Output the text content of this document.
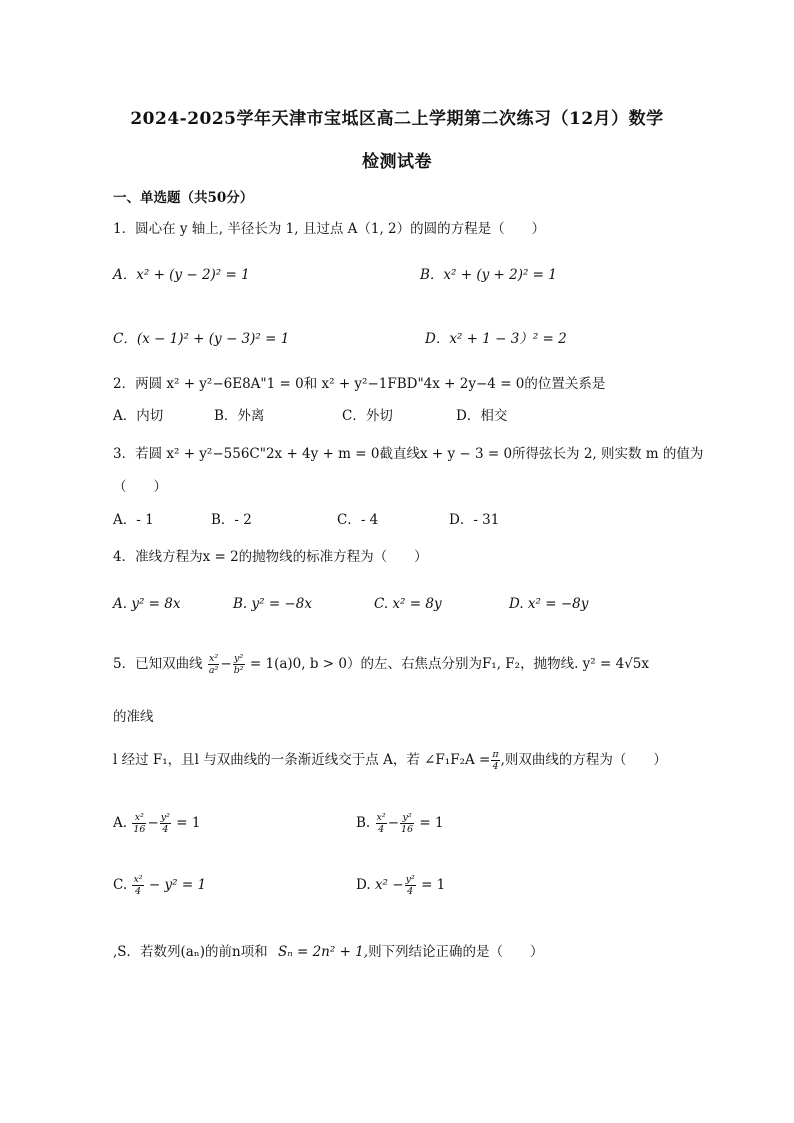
2024-2025学年天津市宝坻区高二上学期第二次练习（12月）数学
检测试卷
一、单选题（共50分）
1．圆心在 y 轴上, 半径长为 1, 且过点 A（1, 2）的圆的方程是（　　）
A．x² + (y − 2)² = 1	B．x² + (y + 2)² = 1
C．(x − 1)² + (y − 3)² = 1	D．x² + 1 − 3）² = 2
2．两圆 x² + y²−6E8A"1 = 0和 x² + y²−1FBD"4x + 2y−4 = 0的位置关系是
A．内切	B．外离	C．外切	D．相交
3．若圆 x² + y²−556C"2x + 4y + m = 0截直线x + y − 3 = 0所得弦长为 2, 则实数 m 的值为
（　　）
A．- 1	B．- 2	C．- 4	D．- 31
4．准线方程为x = 2的抛物线的标准方程为（　　）
A. y² = 8x	B. y² = −8x	C. x² = 8y	D. x² = −8y
5．已知双曲线 $\frac{\text{x²}}{\text{a²}} - \frac{\text{y²}}{\text{b²}} = 1(a)0$, b > 0）的左、右焦点分别为F₁, F₂，抛物线. y² = 4√5x
的准线
l 经过 F₁，且l 与双曲线的一条渐近线交于点 A，若 ∠F₁F₂A = $\frac{\pi}{4}$ ,则双曲线的方程为（　　）
A. $\frac{\text{x²}}{16} - \frac{\text{y²}}{4} = 1$	B. $\frac{\text{x²}}{4} - \frac{\text{y²}}{16} = 1$
C. $\frac{\text{x²}}{4} - y^2 = 1$	D. $x^2 - \frac{\text{y²}}{4} = 1$
,S．若数列(aₙ)的前n项和 Sₙ = 2n² + 1,则下列结论正确的是（　　）
